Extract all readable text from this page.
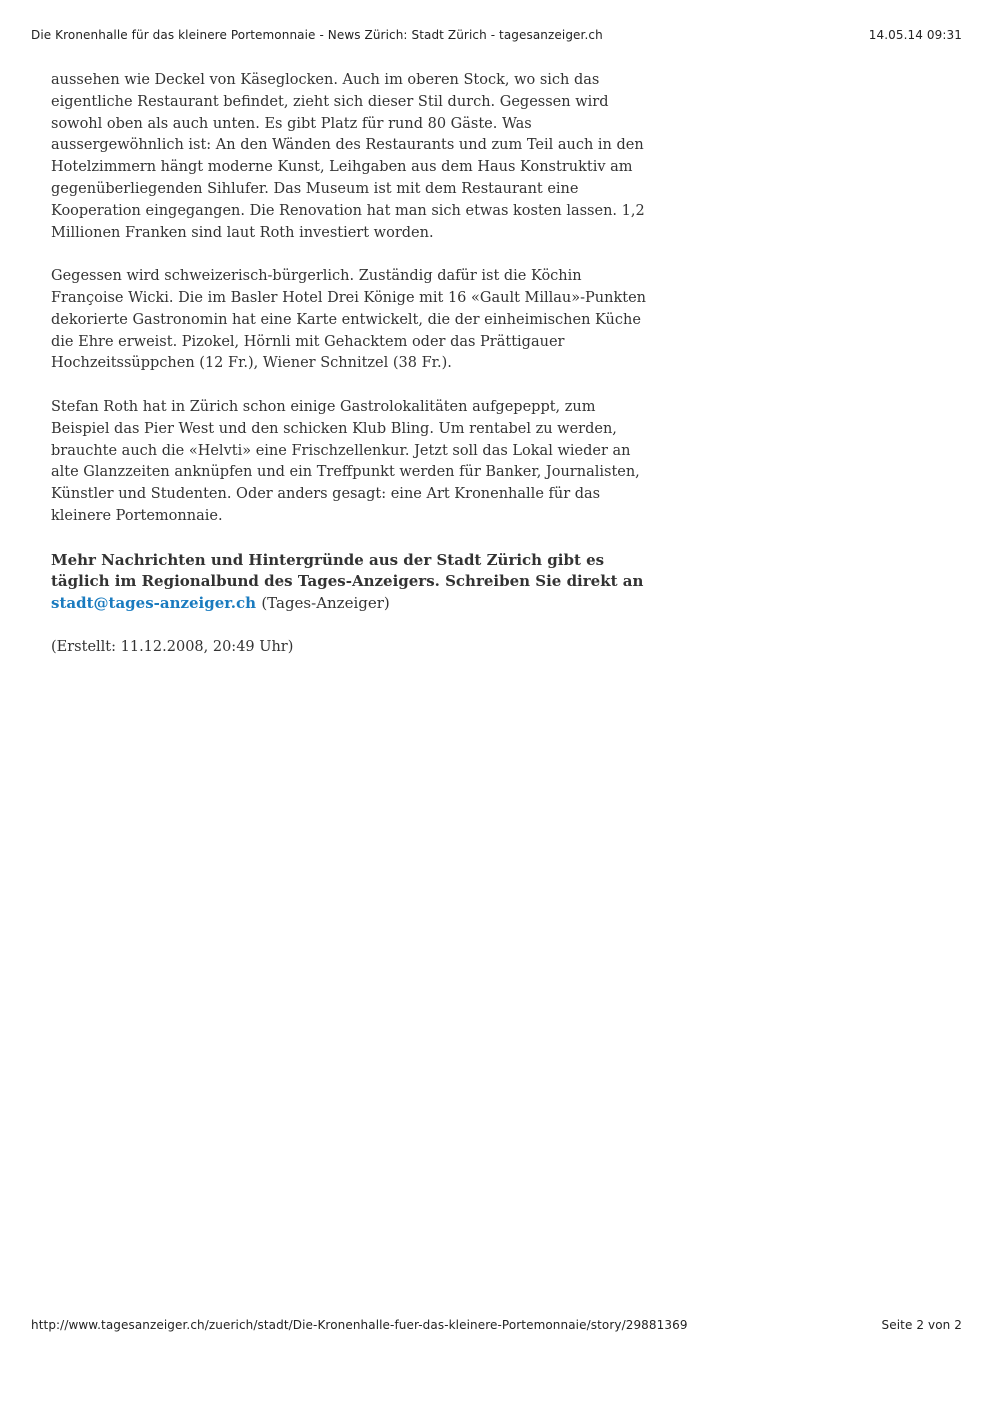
Die Kronenhalle für das kleinere Portemonnaie - News Zürich: Stadt Zürich - tagesanzeiger.ch	14.05.14 09:31

aussehen wie Deckel von Käseglocken. Auch im oberen Stock, wo sich das eigentliche Restaurant befindet, zieht sich dieser Stil durch. Gegessen wird sowohl oben als auch unten. Es gibt Platz für rund 80 Gäste. Was aussergewöhnlich ist: An den Wänden des Restaurants und zum Teil auch in den Hotelzimmern hängt moderne Kunst, Leihgaben aus dem Haus Konstruktiv am gegenüberliegenden Sihlufer. Das Museum ist mit dem Restaurant eine Kooperation eingegangen. Die Renovation hat man sich etwas kosten lassen. 1,2 Millionen Franken sind laut Roth investiert worden.

Gegessen wird schweizerisch-bürgerlich. Zuständig dafür ist die Köchin Françoise Wicki. Die im Basler Hotel Drei Könige mit 16 «Gault Millau»-Punkten dekorierte Gastronomin hat eine Karte entwickelt, die der einheimischen Küche die Ehre erweist. Pizokel, Hörnli mit Gehacktem oder das Prättigauer Hochzeitssüppchen (12 Fr.), Wiener Schnitzel (38 Fr.).

Stefan Roth hat in Zürich schon einige Gastrolokalitäten aufgepeppt, zum Beispiel das Pier West und den schicken Klub Bling. Um rentabel zu werden, brauchte auch die «Helvti» eine Frischzellenkur. Jetzt soll das Lokal wieder an alte Glanzzeiten anknüpfen und ein Treffpunkt werden für Banker, Journalisten, Künstler und Studenten. Oder anders gesagt: eine Art Kronenhalle für das kleinere Portemonnaie.

Mehr Nachrichten und Hintergründe aus der Stadt Zürich gibt es täglich im Regionalbund des Tages-Anzeigers. Schreiben Sie direkt an
stadt@tages-anzeiger.ch (Tages-Anzeiger)

(Erstellt: 11.12.2008, 20:49 Uhr)

http://www.tagesanzeiger.ch/zuerich/stadt/Die-Kronenhalle-fuer-das-kleinere-Portemonnaie/story/29881369	Seite 2 von 2
